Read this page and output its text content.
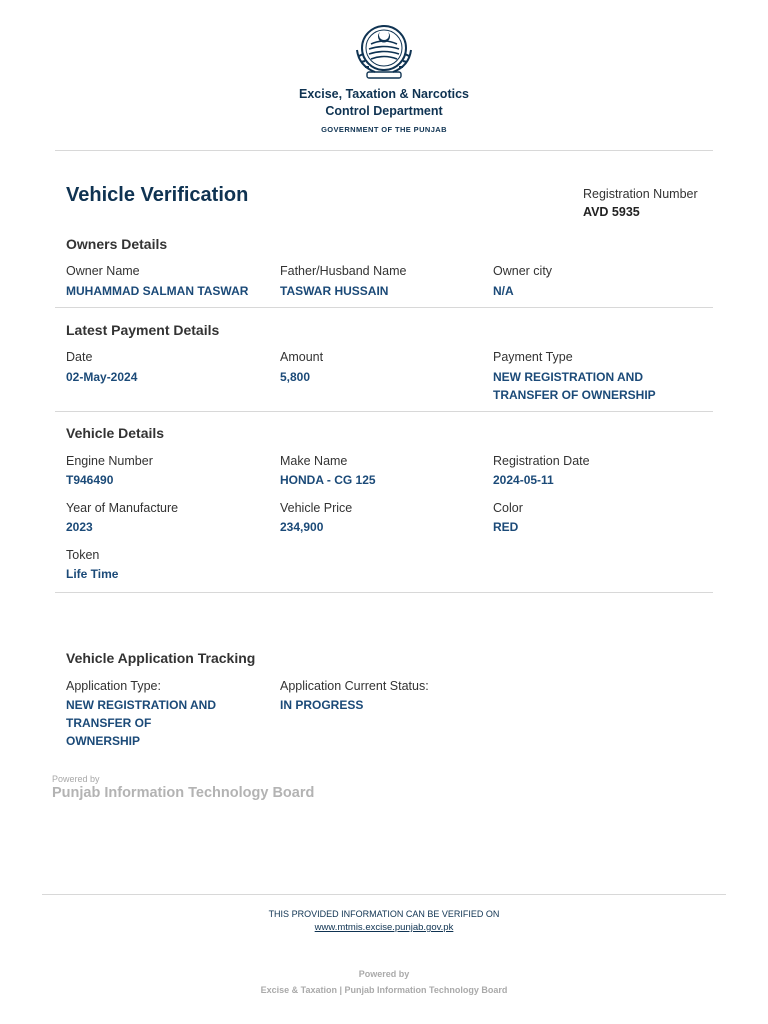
Excise, Taxation & Narcotics
Control Department
GOVERNMENT OF THE PUNJAB
Vehicle Verification	Registration Number
AVD 5935
Owners Details
Owner Name
MUHAMMAD SALMAN TASWAR
Father/Husband Name
TASWAR HUSSAIN
Owner city
N/A
Latest Payment Details
Date
02-May-2024
Amount
5,800
Payment Type
NEW REGISTRATION AND
TRANSFER OF OWNERSHIP
Vehicle Details
Engine Number
T946490
Make Name
HONDA - CG 125
Registration Date
2024-05-11
Year of Manufacture
2023
Vehicle Price
234,900
Color
RED
Token
Life Time
Vehicle Application Tracking
Application Type:
NEW REGISTRATION AND
TRANSFER OF OWNERSHIP
Application Current Status:
IN PROGRESS
Powered by
Punjab Information Technology Board
THIS PROVIDED INFORMATION CAN BE VERIFIED ON
www.mtmis.excise.punjab.gov.pk
Powered by
Excise & Taxation | Punjab Information Technology Board
